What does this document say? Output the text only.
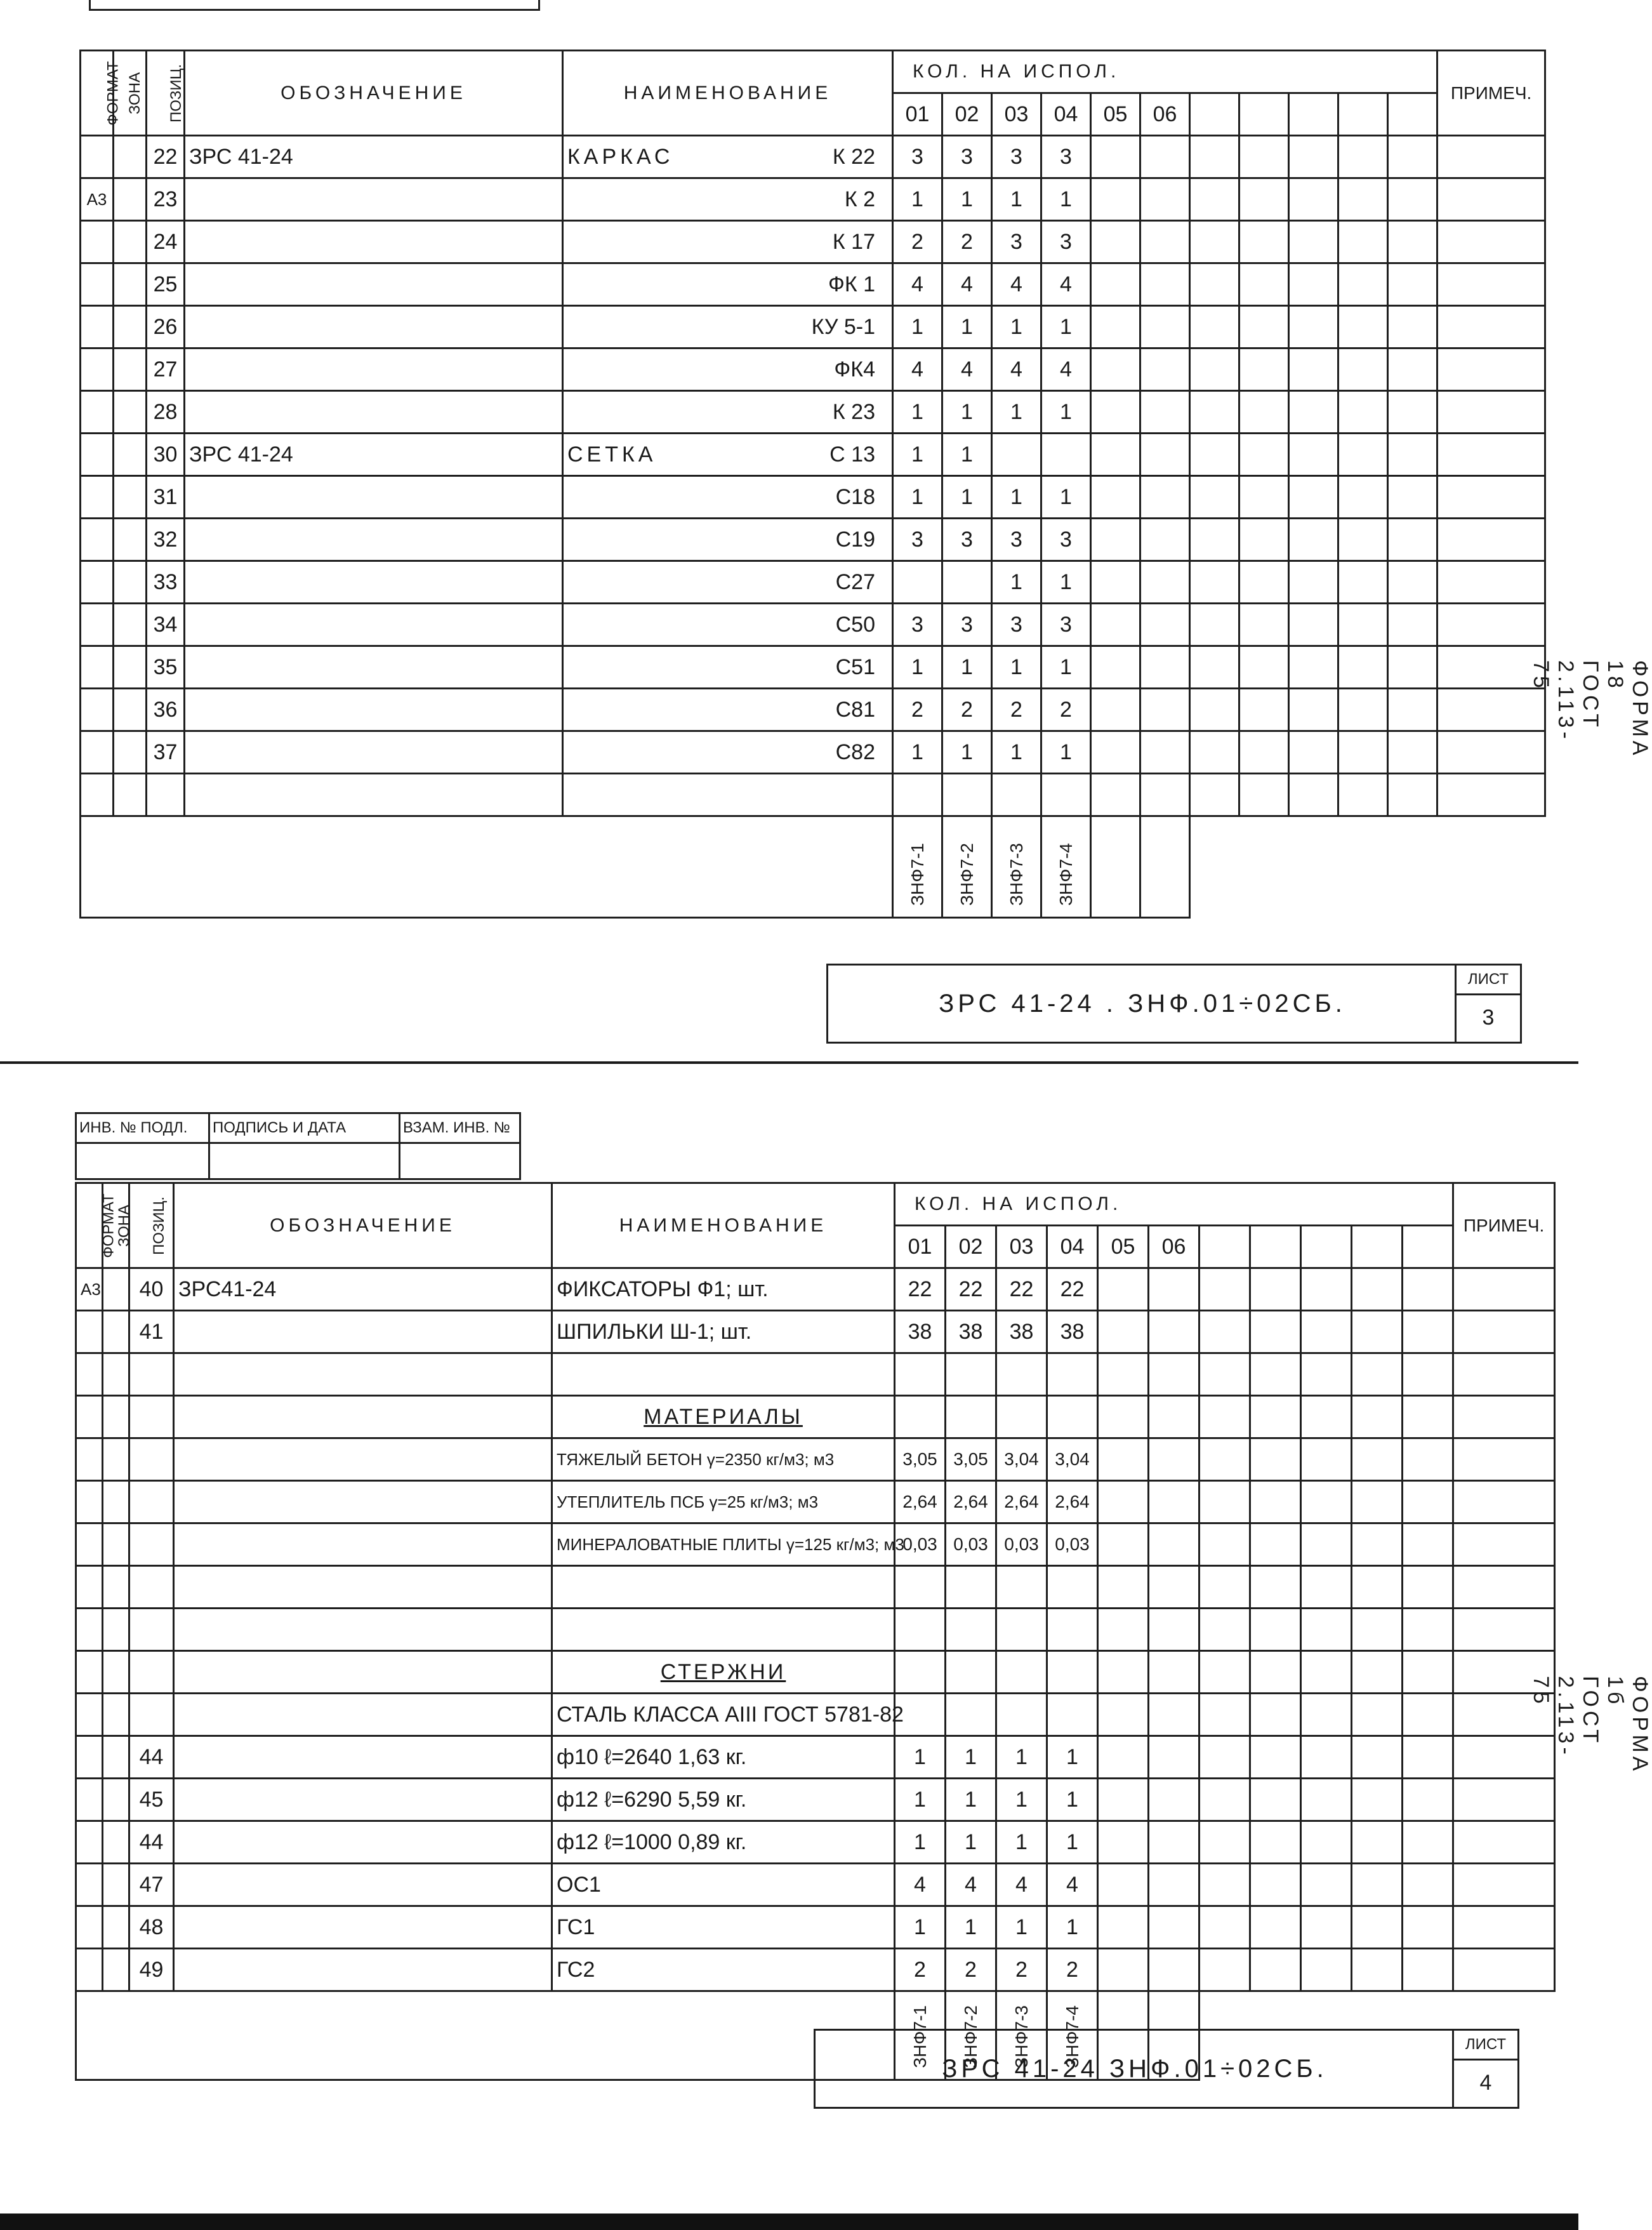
ФОРМАТ	ЗОНА	ПОЗИЦ.	ОБОЗНАЧЕНИЕ	НАИМЕНОВАНИЕ	КОЛ. НА ИСПОЛ.											ПРИМЕЧ.
					01	02	03	04	05	06						
		22	ЗРС 41-24	КАРКАС К 22	3	3	3	3								
А3		23		К 2	1	1	1	1								
		24		К 17	2	2	3	3								
		25		ФК 1	4	4	4	4								
		26		КУ 5-1	1	1	1	1								
		27		ФК4	4	4	4	4								
		28		К 23	1	1	1	1								
		30	ЗРС 41-24	СЕТКА С 13	1	1										
		31		С18	1	1	1	1								
		32		С19	3	3	3	3								
		33		С27			1	1								
		34		С50	3	3	3	3								
		35		С51	1	1	1	1								
		36		С81	2	2	2	2								
		37		С82	1	1	1	1								

					ЗНФ7-1	ЗНФ7-2	ЗНФ7-3	ЗНФ7-4								
ЗРС 41-24 . ЗНФ.01÷02СБ.
ЛИСТ
3
ФОРМА 18 ГОСТ 2.113-75
ИНВ. № ПОДЛ.	ПОДПИСЬ И ДАТА	ВЗАМ. ИНВ. №

ФОРМАТ	ЗОНА	ПОЗИЦ.	ОБОЗНАЧЕНИЕ	НАИМЕНОВАНИЕ	КОЛ. НА ИСПОЛ.											ПРИМЕЧ.
					01	02	03	04	05	06						
А3		40	ЗРС41-24	ФИКСАТОРЫ Ф1; шт.	22	22	22	22								
		41		ШПИЛЬКИ Ш-1; шт.	38	38	38	38								

				МАТЕРИАЛЫ												
				ТЯЖЕЛЫЙ БЕТОН γ=2350 кг/м3; м3	3,05	3,05	3,04	3,04								
				УТЕПЛИТЕЛЬ ПСБ γ=25 кг/м3; м3	2,64	2,64	2,64	2,64								
				МИНЕРАЛОВАТНЫЕ ПЛИТЫ γ=125 кг/м3; м3	0,03	0,03	0,03	0,03								

				СТЕРЖНИ												
				СТАЛЬ КЛАССА АIII ГОСТ 5781-82												
		44		ф10 ℓ=2640 1,63 кг.	1	1	1	1								
		45		ф12 ℓ=6290 5,59 кг.	1	1	1	1								
		44		ф12 ℓ=1000 0,89 кг.	1	1	1	1								
		47		ОС1	4	4	4	4								
		48		ГС1	1	1	1	1								
		49		ГС2	2	2	2	2								
					ЗНФ7-1	ЗНФ7-2	ЗНФ7-3	ЗНФ7-4								
ЗРС 41-24 ЗНФ.01÷02СБ.
ЛИСТ
4
ФОРМА 1б ГОСТ 2.113-75
